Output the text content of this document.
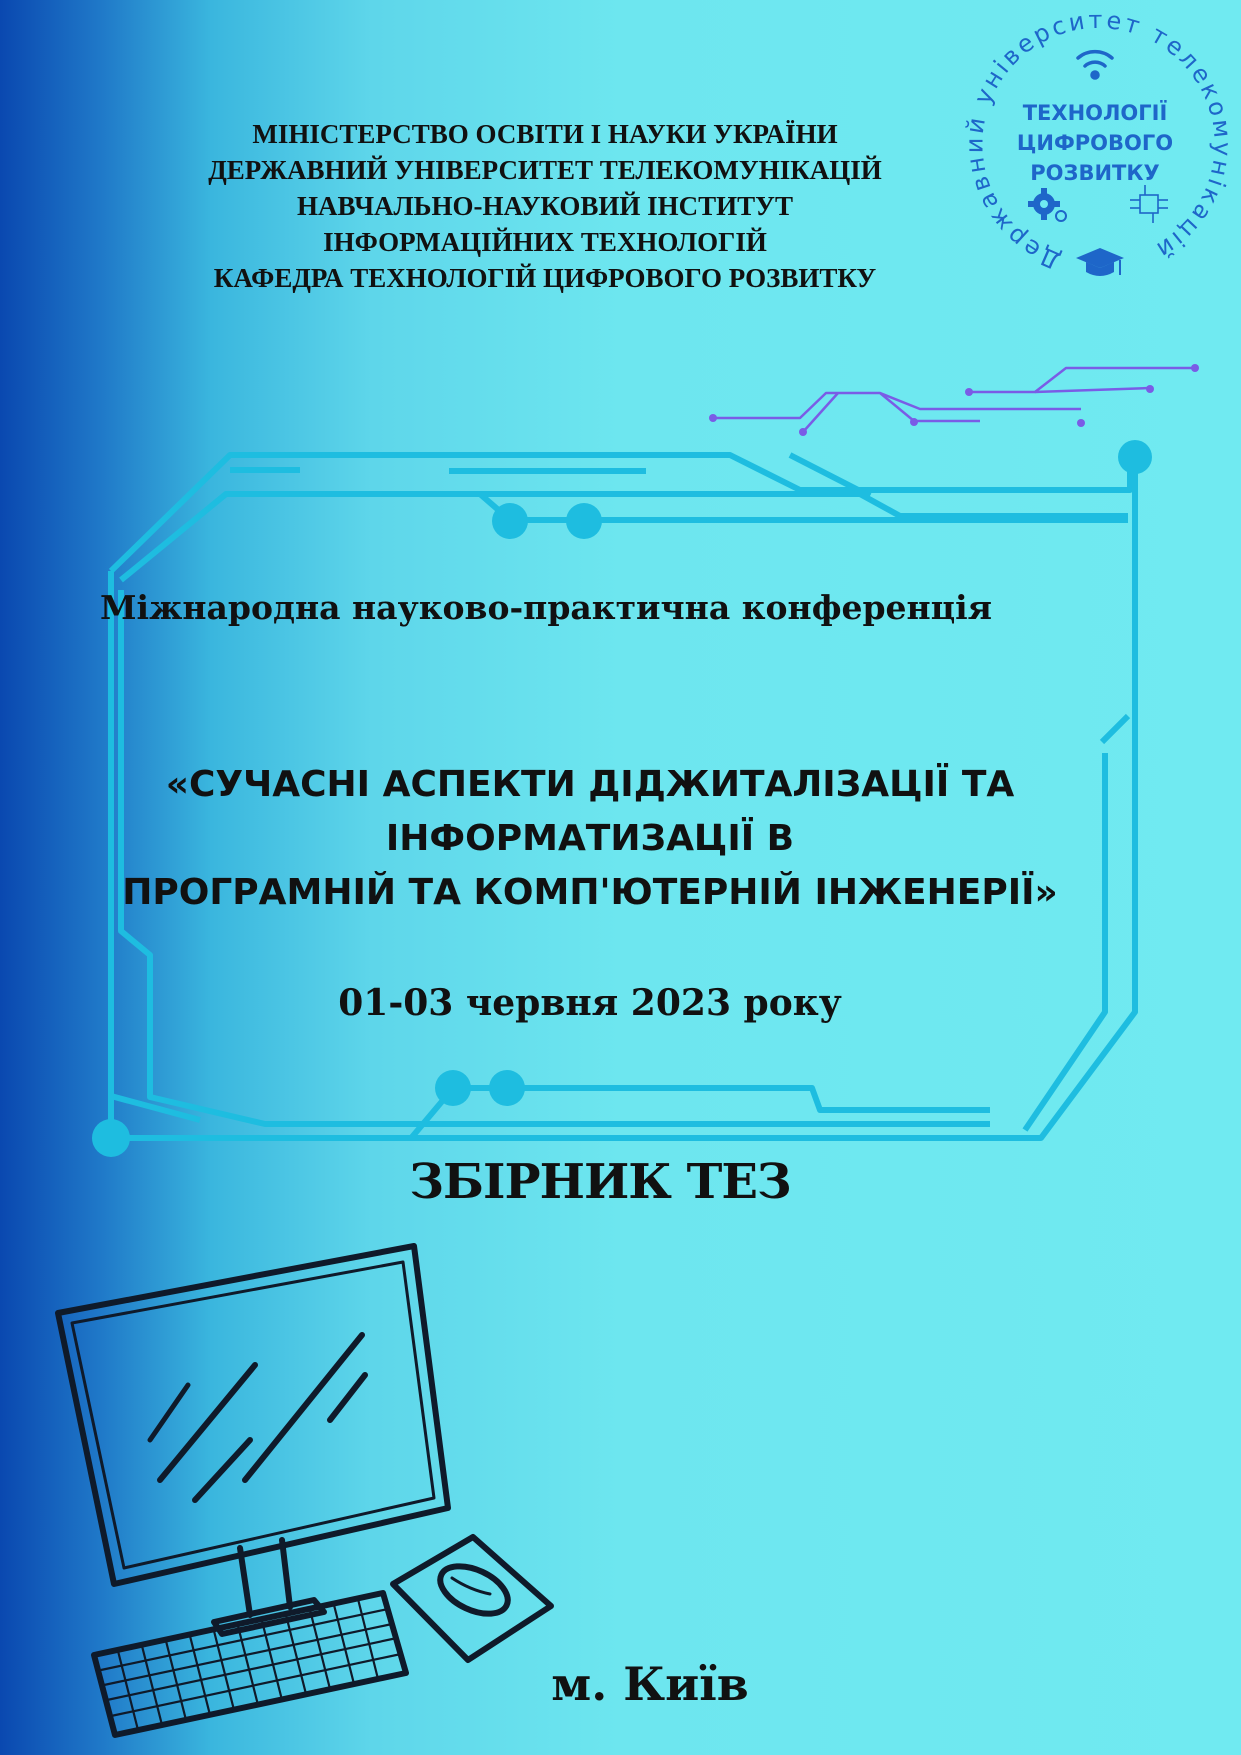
Державний університет телекомунікацій
ТЕХНОЛОГІЇ
ЦИФРОВОГО
РОЗВИТКУ
МІНІСТЕРСТВО ОСВІТИ І НАУКИ УКРАЇНИ
ДЕРЖАВНИЙ УНІВЕРСИТЕТ ТЕЛЕКОМУНІКАЦІЙ
НАВЧАЛЬНО-НАУКОВИЙ ІНСТИТУТ
ІНФОРМАЦІЙНИХ ТЕХНОЛОГІЙ
КАФЕДРА ТЕХНОЛОГІЙ ЦИФРОВОГО РОЗВИТКУ
Міжнародна науково-практична конференція
«СУЧАСНІ АСПЕКТИ ДІДЖИТАЛІЗАЦІЇ ТА
ІНФОРМАТИЗАЦІЇ В
ПРОГРАМНІЙ ТА КОМП'ЮТЕРНІЙ ІНЖЕНЕРІЇ»
01-03 червня 2023 року
ЗБІРНИК ТЕЗ
м. Київ
